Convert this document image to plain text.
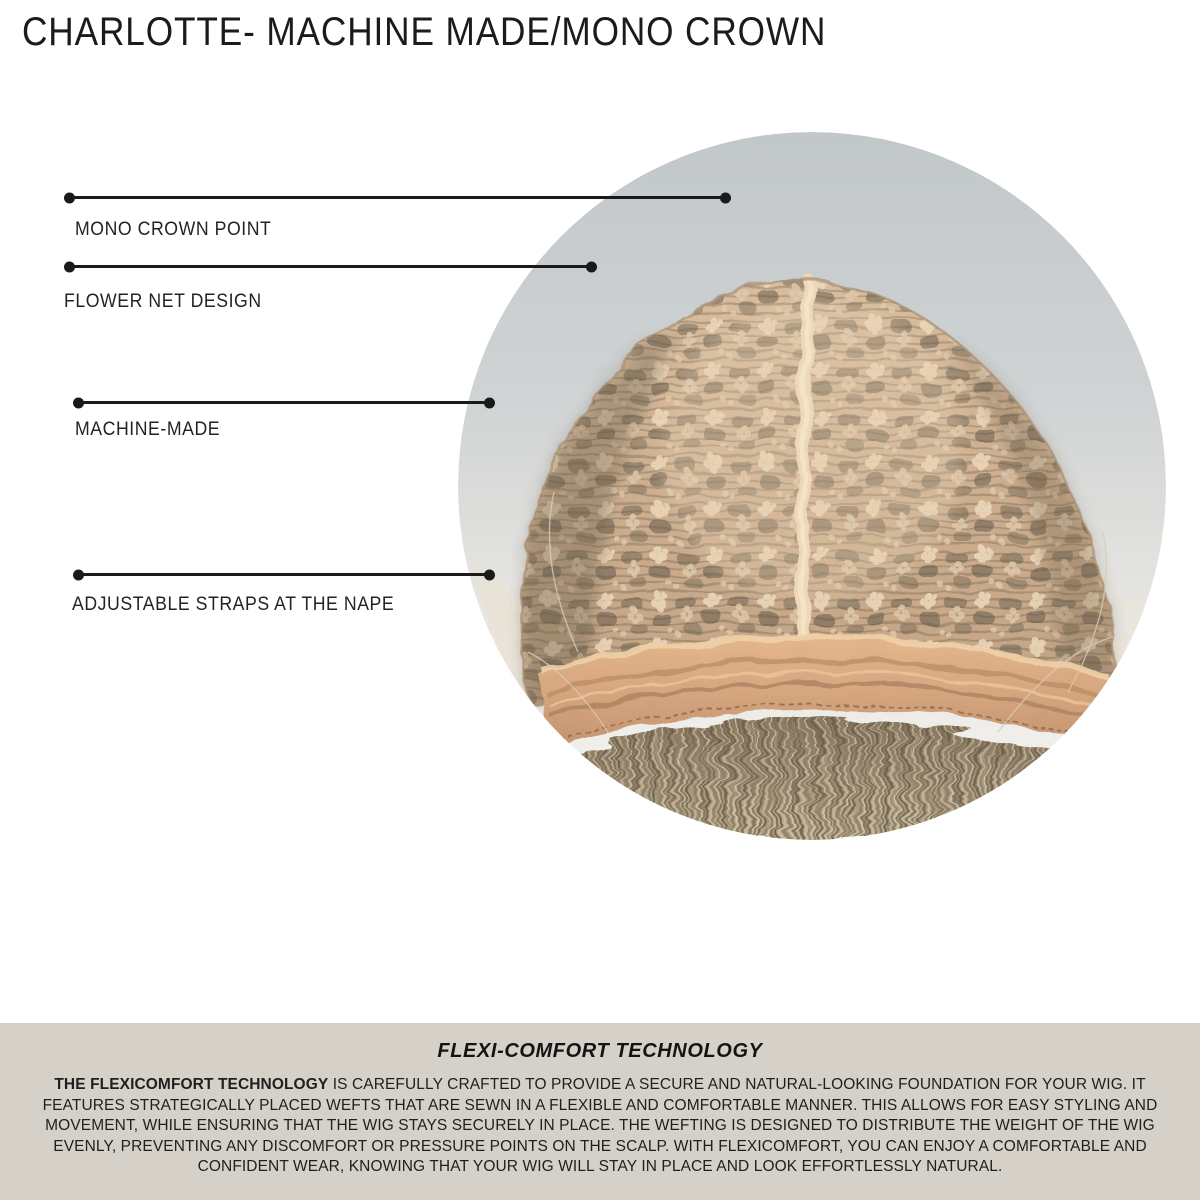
CHARLOTTE- MACHINE MADE/MONO CROWN
MONO CROWN POINT
FLOWER NET DESIGN
MACHINE-MADE
ADJUSTABLE STRAPS AT THE NAPE
FLEXI-COMFORT TECHNOLOGY

THE FLEXICOMFORT TECHNOLOGY IS CAREFULLY CRAFTED TO PROVIDE A SECURE AND NATURAL-LOOKING FOUNDATION FOR YOUR WIG. IT FEATURES STRATEGICALLY PLACED WEFTS THAT ARE SEWN IN A FLEXIBLE AND COMFORTABLE MANNER. THIS ALLOWS FOR EASY STYLING AND MOVEMENT, WHILE ENSURING THAT THE WIG STAYS SECURELY IN PLACE. THE WEFTING IS DESIGNED TO DISTRIBUTE THE WEIGHT OF THE WIG EVENLY, PREVENTING ANY DISCOMFORT OR PRESSURE POINTS ON THE SCALP. WITH FLEXICOMFORT, YOU CAN ENJOY A COMFORTABLE AND CONFIDENT WEAR, KNOWING THAT YOUR WIG WILL STAY IN PLACE AND LOOK EFFORTLESSLY NATURAL.
